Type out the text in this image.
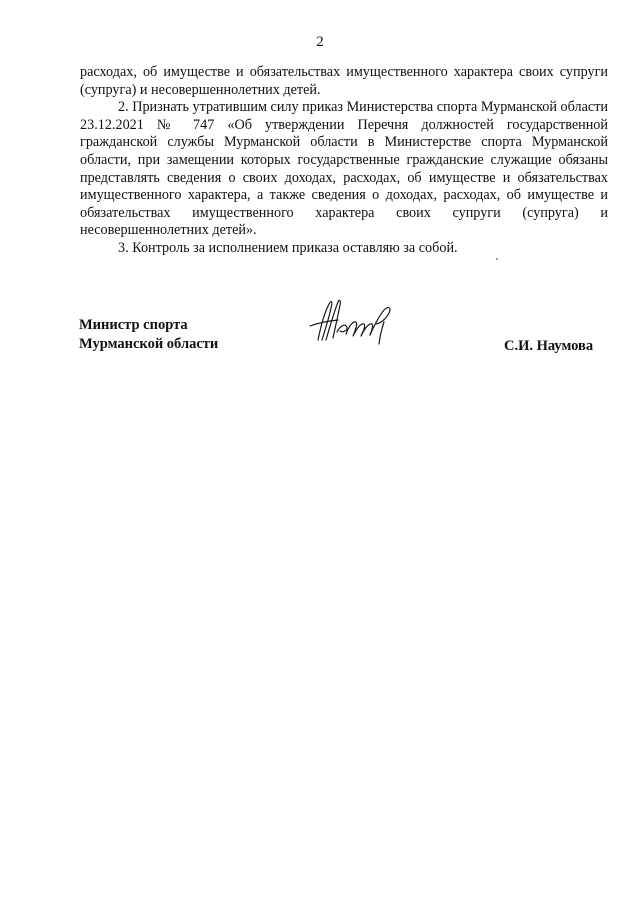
2

расходах, об имуществе и обязательствах имущественного характера своих супруги (супруга) и несовершеннолетних детей.

2. Признать утратившим силу приказ Министерства спорта Мурманской области 23.12.2021 № 747 «Об утверждении Перечня должностей государственной гражданской службы Мурманской области в Министерстве спорта Мурманской области, при замещении которых государственные гражданские служащие обязаны представлять сведения о своих доходах, расходах, об имуществе и обязательствах имущественного характера, а также сведения о доходах, расходах, об имуществе и обязательствах имущественного характера своих супруги (супруга) и несовершеннолетних детей».

3. Контроль за исполнением приказа оставляю за собой.

Министр спорта
Мурманской области	С.И. Наумова
